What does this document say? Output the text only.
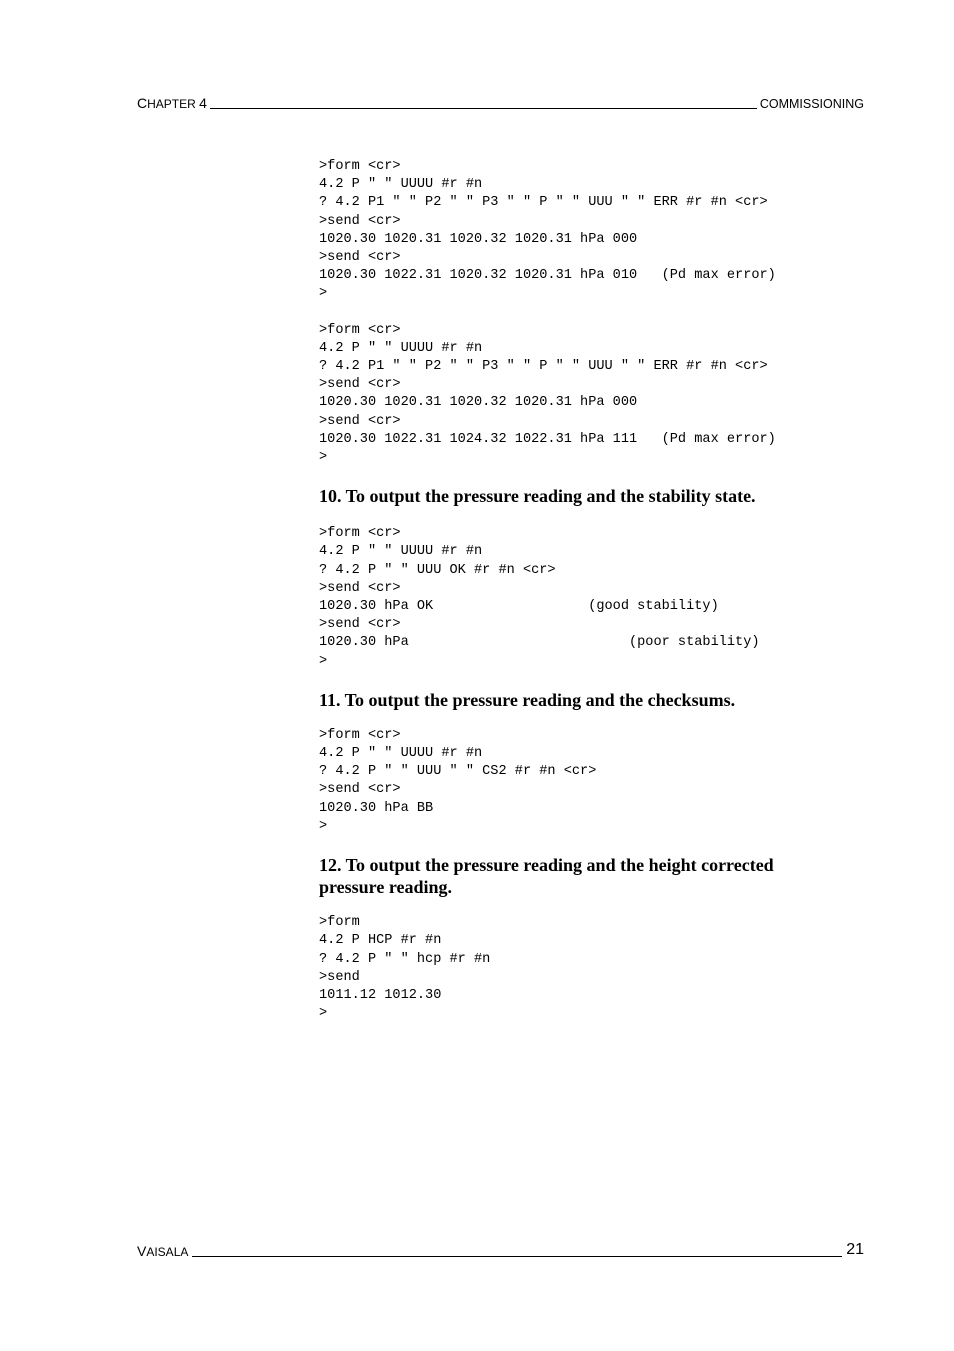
CHAPTER 4	COMMISSIONING
>form <cr>
4.2 P " " UUUU #r #n
? 4.2 P1 " " P2 " " P3 " " P " " UUU " " ERR #r #n <cr>
>send <cr>
1020.30 1020.31 1020.32 1020.31 hPa 000
>send <cr>
1020.30 1022.31 1020.32 1020.31 hPa 010   (Pd max error)
>
>form <cr>
4.2 P " " UUUU #r #n
? 4.2 P1 " " P2 " " P3 " " P " " UUU " " ERR #r #n <cr>
>send <cr>
1020.30 1020.31 1020.32 1020.31 hPa 000
>send <cr>
1020.30 1022.31 1024.32 1022.31 hPa 111   (Pd max error)
>
10. To output the pressure reading and the stability state.
>form <cr>
4.2 P " " UUUU #r #n
? 4.2 P " " UUU OK #r #n <cr>
>send <cr>
1020.30 hPa OK                   (good stability)
>send <cr>
1020.30 hPa                           (poor stability)
>
11. To output the pressure reading and the checksums.
>form <cr>
4.2 P " " UUUU #r #n
? 4.2 P " " UUU " " CS2 #r #n <cr>
>send <cr>
1020.30 hPa BB
>
12. To output the pressure reading and the height corrected pressure reading.
>form
4.2 P HCP #r #n
? 4.2 P " " hcp #r #n
>send
1011.12 1012.30
>
VAISALA	21
